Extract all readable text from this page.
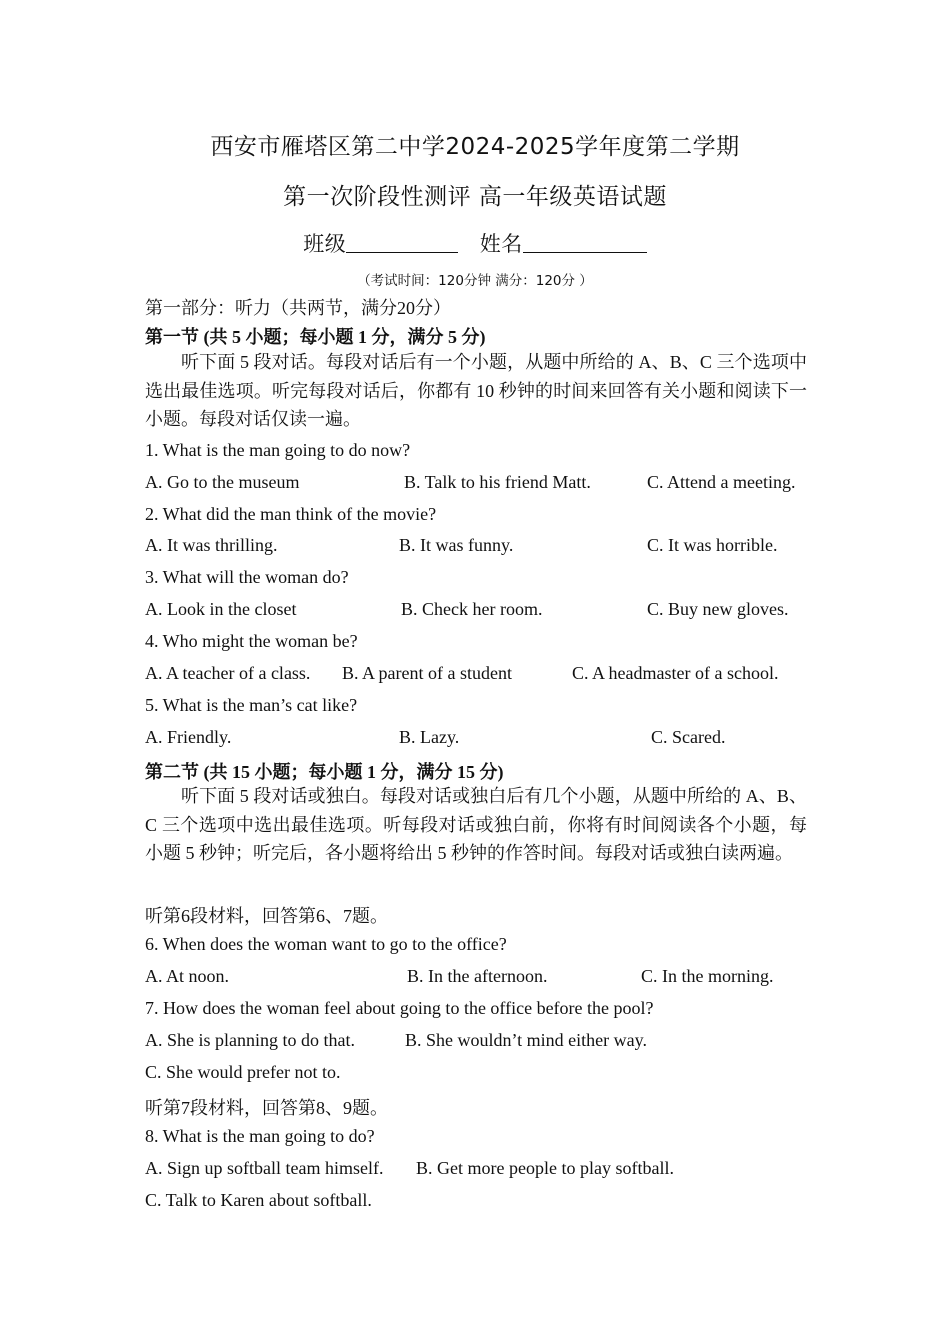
西安市雁塔区第二中学2024-2025学年度第二学期
第一次阶段性测评 高一年级英语试题
班级	姓名
（考试时间：120分钟 满分：120分 ）
第一部分：听力（共两节，满分20分）
第一节 (共 5 小题；每小题 1 分，满分 5 分)
听下面 5 段对话。每段对话后有一个小题，从题中所给的 A、B、C 三个选项中选出最佳选项。听完每段对话后，你都有 10 秒钟的时间来回答有关小题和阅读下一小题。每段对话仅读一遍。
1. What is the man going to do now?
A. Go to the museum	B. Talk to his friend Matt.	C. Attend a meeting.
2. What did the man think of the movie?
A. It was thrilling.	B. It was funny.	C. It was horrible.
3. What will the woman do?
A. Look in the closet	B. Check her room.	C. Buy new gloves.
4. Who might the woman be?
A. A teacher of a class. B. A parent of a student	C. A headmaster of a school.
5. What is the man’s cat like?
A. Friendly.	B. Lazy.	C. Scared.
第二节 (共 15 小题；每小题 1 分，满分 15 分)
听下面 5 段对话或独白。每段对话或独白后有几个小题，从题中所给的 A、B、C 三个选项中选出最佳选项。听每段对话或独白前，你将有时间阅读各个小题，每小题 5 秒钟；听完后，各小题将给出 5 秒钟的作答时间。每段对话或独白读两遍。
听第6段材料，回答第6、7题。
6. When does the woman want to go to the office?
A. At noon.	B. In the afternoon.	C. In the morning.
7. How does the woman feel about going to the office before the pool?
A. She is planning to do that.	B. She wouldn’t mind either way.
C. She would prefer not to.
听第7段材料，回答第8、9题。
8. What is the man going to do?
A. Sign up softball team himself. B. Get more people to play softball.
C. Talk to Karen about softball.
